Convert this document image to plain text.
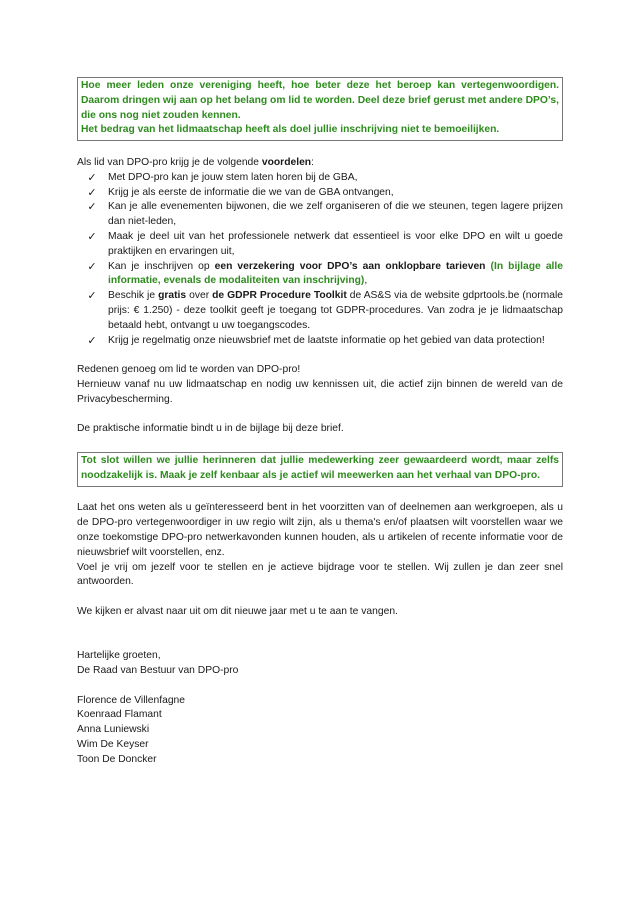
Hoe meer leden onze vereniging heeft, hoe beter deze het beroep kan vertegenwoordigen. Daarom dringen wij aan op het belang om lid te worden. Deel deze brief gerust met andere DPO’s, die ons nog niet zouden kennen.

Het bedrag van het lidmaatschap heeft als doel jullie inschrijving niet te bemoeilijken.

Als lid van DPO-pro krijg je de volgende voordelen:

✓ Met DPO-pro kan je jouw stem laten horen bij de GBA,
✓ Krijg je als eerste de informatie die we van de GBA ontvangen,
✓ Kan je alle evenementen bijwonen, die we zelf organiseren of die we steunen, tegen lagere prijzen dan niet-leden,
✓ Maak je deel uit van het professionele netwerk dat essentieel is voor elke DPO en wilt u goede praktijken en ervaringen uit,
✓ Kan je inschrijven op een verzekering voor DPO’s aan onklopbare tarieven (In bijlage alle informatie, evenals de modaliteiten van inschrijving),
✓ Beschik je gratis over de GDPR Procedure Toolkit de AS&S via de website gdprtools.be (normale prijs: € 1.250) - deze toolkit geeft je toegang tot GDPR-procedures. Van zodra je je lidmaatschap betaald hebt, ontvangt u uw toegangscodes.
✓ Krijg je regelmatig onze nieuwsbrief met de laatste informatie op het gebied van data protection!

Redenen genoeg om lid te worden van DPO-pro!

Hernieuw vanaf nu uw lidmaatschap en nodig uw kennissen uit, die actief zijn binnen de wereld van de Privacybescherming.

De praktische informatie bindt u in de bijlage bij deze brief.

Tot slot willen we jullie herinneren dat jullie medewerking zeer gewaardeerd wordt, maar zelfs noodzakelijk is. Maak je zelf kenbaar als je actief wil meewerken aan het verhaal van DPO-pro.

Laat het ons weten als u geïnteresseerd bent in het voorzitten van of deelnemen aan werkgroepen, als u de DPO-pro vertegenwoordiger in uw regio wilt zijn, als u thema's en/of plaatsen wilt voorstellen waar we onze toekomstige DPO-pro netwerkavonden kunnen houden, als u artikelen of recente informatie voor de nieuwsbrief wilt voorstellen, enz.

Voel je vrij om jezelf voor te stellen en je actieve bijdrage voor te stellen. Wij zullen je dan zeer snel antwoorden.

We kijken er alvast naar uit om dit nieuwe jaar met u te aan te vangen.

Hartelijke groeten,

De Raad van Bestuur van DPO-pro

Florence de Villenfagne

Koenraad Flamant

Anna Luniewski

Wim De Keyser

Toon De Doncker
